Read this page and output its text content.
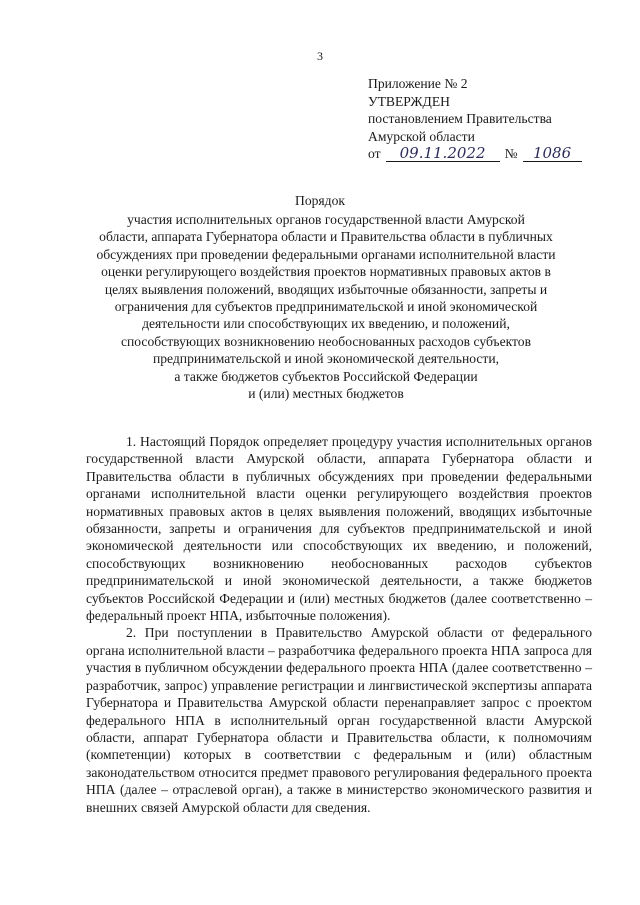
3
Приложение № 2
УТВЕРЖДЕН
постановлением Правительства
Амурской области
от	09.11.2022	№	1086
Порядок
участия исполнительных органов государственной власти Амурской
области, аппарата Губернатора области и Правительства области в публичных
обсуждениях при проведении федеральными органами исполнительной власти
оценки регулирующего воздействия проектов нормативных правовых актов в
целях выявления положений, вводящих избыточные обязанности, запреты и
ограничения для субъектов предпринимательской и иной экономической
деятельности или способствующих их введению, и положений,
способствующих возникновению необоснованных расходов субъектов
предпринимательской и иной экономической деятельности,
а также бюджетов субъектов Российской Федерации
и (или) местных бюджетов

1. Настоящий Порядок определяет процедуру участия исполнительных органов государственной власти Амурской области, аппарата Губернатора области и Правительства области в публичных обсуждениях при проведении федеральными органами исполнительной власти оценки регулирующего воздействия проектов нормативных правовых актов в целях выявления положений, вводящих избыточные обязанности, запреты и ограничения для субъектов предпринимательской и иной экономической деятельности или способствующих их введению, и положений, способствующих возникновению необоснованных расходов субъектов предпринимательской и иной экономической деятельности, а также бюджетов субъектов Российской Федерации и (или) местных бюджетов (далее соответственно – федеральный проект НПА, избыточные положения).

2. При поступлении в Правительство Амурской области от федерального органа исполнительной власти – разработчика федерального проекта НПА запроса для участия в публичном обсуждении федерального проекта НПА (далее соответственно – разработчик, запрос) управление регистрации и лингвистической экспертизы аппарата Губернатора и Правительства Амурской области перенаправляет запрос с проектом федерального НПА в исполнительный орган государственной власти Амурской области, аппарат Губернатора области и Правительства области, к полномочиям (компетенции) которых в соответствии с федеральным и (или) областным законодательством относится предмет правового регулирования федерального проекта НПА (далее – отраслевой орган), а также в министерство экономического развития и внешних связей Амурской области для сведения.
